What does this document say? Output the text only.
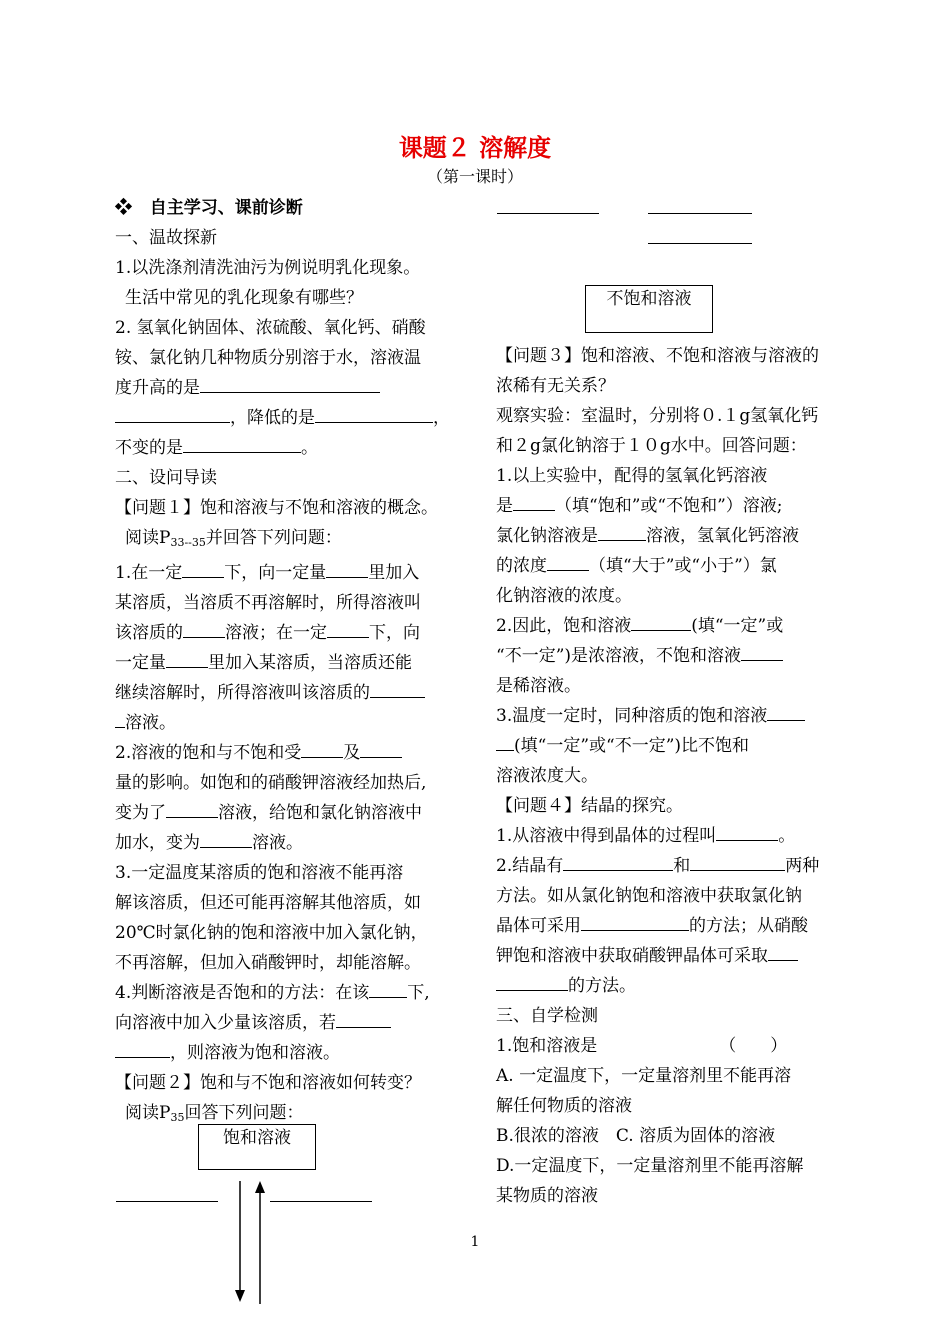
课题２ 溶解度
（第一课时）

❖ 自主学习、课前诊断

一、温故探新

1.以洗涤剂清洗油污为例说明乳化现象。

生活中常见的乳化现象有哪些？

2. 氢氧化钠固体、浓硫酸、氧化钙、硝酸

铵、氯化钠几种物质分别溶于水，溶液温

度升高的是

，降低的是	，

不变的是	。

二、设问导读

【问题１】饱和溶液与不饱和溶液的概念。

阅读$P_{33--35}$并回答下列问题：

1.在一定 下，向一定量 里加入

某溶质，当溶质不再溶解时，所得溶液叫

该溶质的 溶液；在一定 下，向

一定量 里加入某溶质，当溶质还能

继续溶解时，所得溶液叫该溶质的

溶液。

2.溶液的饱和与不饱和受 及

量的影响。如饱和的硝酸钾溶液经加热后,

变为了	溶液，给饱和氯化钠溶液中

加水，变为	溶液。

3.一定温度某溶质的饱和溶液不能再溶

解该溶质，但还可能再溶解其他溶质，如

20℃时氯化钠的饱和溶液中加入氯化钠，

不再溶解，但加入硝酸钾时，却能溶解。

4.判断溶液是否饱和的方法：在该 下,

向溶液中加入少量该溶质，若

，则溶液为饱和溶液。

【问题２】饱和与不饱和溶液如何转变？

阅读$P_{35}$回答下列问题：

饱和溶液
不饱和溶液

【问题３】饱和溶液、不饱和溶液与溶液的

浓稀有无关系？

观察实验：室温时，分别将０.１g氢氧化钙

和２g氯化钠溶于１０g水中。回答问题：

1.以上实验中，配得的氢氧化钙溶液

是 （填“饱和”或“不饱和”）溶液;

氯化钠溶液是	溶液，氢氧化钙溶液

的浓度 （填“大于”或“小于”）氯

化钠溶液的浓度。

2.因此，饱和溶液	(填“一定”或

“不一定”)是浓溶液，不饱和溶液

是稀溶液。

3.温度一定时，同种溶质的饱和溶液

(填“一定”或“不一定”)比不饱和

溶液浓度大。

【问题４】结晶的探究。

1.从溶液中得到晶体的过程叫	。

2.结晶有	和	两种

方法。如从氯化钠饱和溶液中获取氯化钠

晶体可采用	的方法；从硝酸

钾饱和溶液中获取硝酸钾晶体可采取

的方法。

三、自学检测

1.饱和溶液是	（　　）

A. 一定温度下，一定量溶剂里不能再溶

解任何物质的溶液

B.很浓的溶液　C. 溶质为固体的溶液

D.一定温度下，一定量溶剂里不能再溶解

某物质的溶液

1
